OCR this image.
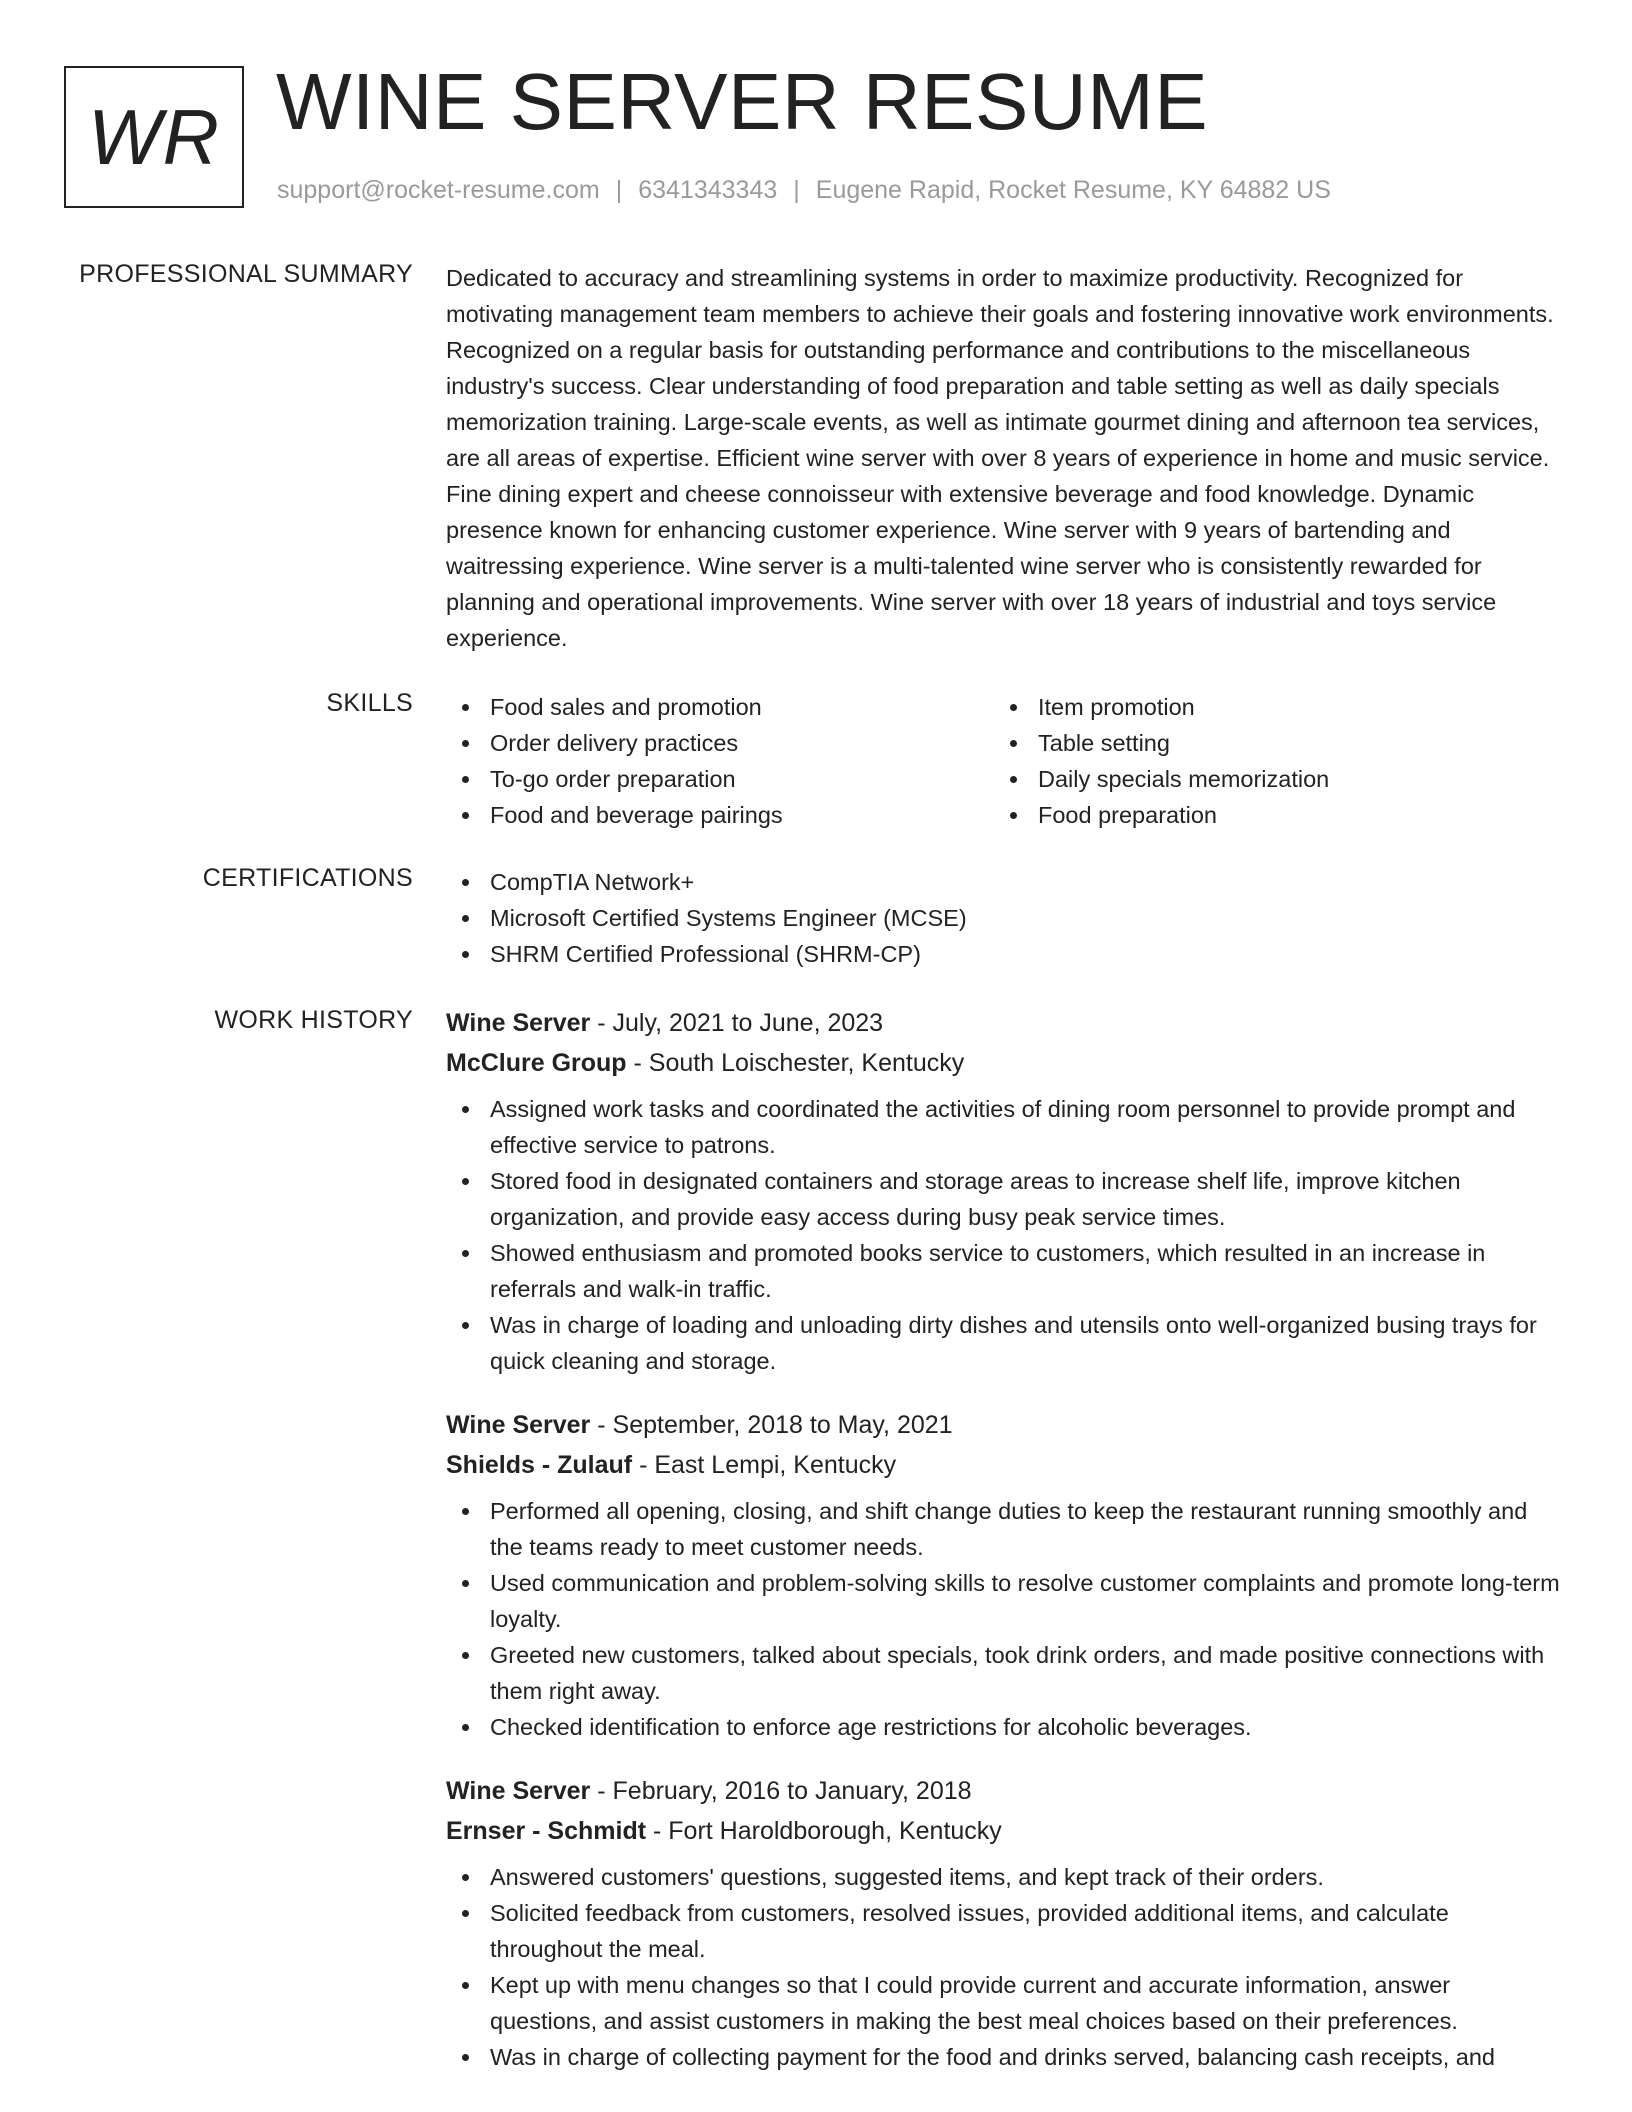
WR WINE SERVER RESUME
support@rocket-resume.com | 6341343343 | Eugene Rapid, Rocket Resume, KY 64882 US
PROFESSIONAL SUMMARY Dedicated to accuracy and streamlining systems in order to maximize productivity. Recognized for motivating management team members to achieve their goals and fostering innovative work environments. Recognized on a regular basis for outstanding performance and contributions to the miscellaneous industry's success. Clear understanding of food preparation and table setting as well as daily specials memorization training. Large-scale events, as well as intimate gourmet dining and afternoon tea services, are all areas of expertise. Efficient wine server with over 8 years of experience in home and music service. Fine dining expert and cheese connoisseur with extensive beverage and food knowledge. Dynamic presence known for enhancing customer experience. Wine server with 9 years of bartending and waitressing experience. Wine server is a multi-talented wine server who is consistently rewarded for planning and operational improvements. Wine server with over 18 years of industrial and toys service experience.

SKILLS	Food sales and promotion
Order delivery practices
To-go order preparation
Food and beverage pairings
Item promotion
Table setting
Daily specials memorization
Food preparation
CERTIFICATIONS	CompTIA Network+
Microsoft Certified Systems Engineer (MCSE)
SHRM Certified Professional (SHRM-CP)
WORK HISTORY Wine Server - July, 2021 to June, 2023
McClure Group - South Loischester, Kentucky
Assigned work tasks and coordinated the activities of dining room personnel to provide prompt and effective service to patrons.
Stored food in designated containers and storage areas to increase shelf life, improve kitchen organization, and provide easy access during busy peak service times.
Showed enthusiasm and promoted books service to customers, which resulted in an increase in referrals and walk-in traffic.
Was in charge of loading and unloading dirty dishes and utensils onto well-organized busing trays for quick cleaning and storage.
Wine Server - September, 2018 to May, 2021
Shields - Zulauf - East Lempi, Kentucky
Performed all opening, closing, and shift change duties to keep the restaurant running smoothly and the teams ready to meet customer needs.
Used communication and problem-solving skills to resolve customer complaints and promote long-term loyalty.
Greeted new customers, talked about specials, took drink orders, and made positive connections with them right away.
Checked identification to enforce age restrictions for alcoholic beverages.
Wine Server - February, 2016 to January, 2018
Ernser - Schmidt - Fort Haroldborough, Kentucky
Answered customers' questions, suggested items, and kept track of their orders.
Solicited feedback from customers, resolved issues, provided additional items, and calculate throughout the meal.
Kept up with menu changes so that I could provide current and accurate information, answer questions, and assist customers in making the best meal choices based on their preferences.
Was in charge of collecting payment for the food and drinks served, balancing cash receipts, and
